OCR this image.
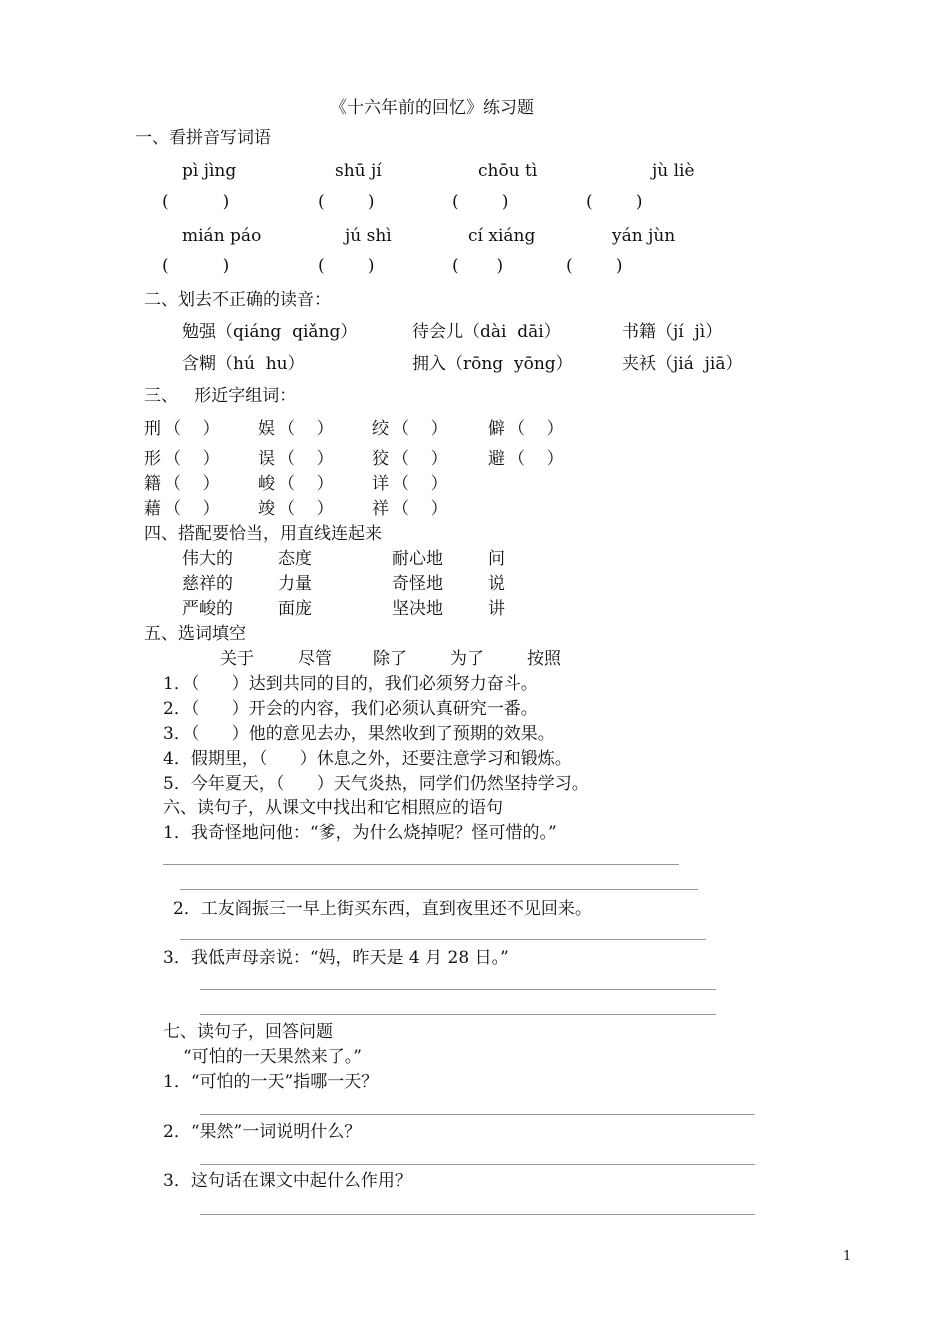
《十六年前的回忆》练习题
一、看拼音写词语
pì jìng	shū jí	chōu tì	jù liè
(          )	(        )	(        )	(        )
mián páo	jú shì	cí xiáng	yán jùn
(          )	(        )	(       )	(        )
二、划去不正确的读音：
勉强（qiáng  qiǎng）	待会儿（dài  dāi）	书籍（jí  jì）
含糊（hú  hu）	拥入（rōng  yōng）	夹袄（jiá  jiā）
三、   形近字组词：
刑 （    ） 娱 （    ） 绞 （    ） 僻 （    ）
形 （    ） 误 （    ） 狡 （    ） 避 （    ）
籍 （    ） 峻 （    ） 详 （    ）
藉 （    ） 竣 （    ） 祥 （    ）
四、搭配要恰当，用直线连起来
伟大的	态度	耐心地	问
慈祥的	力量	奇怪地	说
严峻的	面庞	坚决地	讲
五、选词填空
关于	尽管 除了	为了	按照
1．（      ）达到共同的目的，我们必须努力奋斗。
2．（      ）开会的内容，我们必须认真研究一番。
3．（      ）他的意见去办，果然收到了预期的效果。
4．假期里，（      ）休息之外，还要注意学习和锻炼。
5．今年夏天，（      ）天气炎热，同学们仍然坚持学习。
六、读句子，从课文中找出和它相照应的语句
1．我奇怪地问他：“爹，为什么烧掉呢？怪可惜的。”
2．工友阎振三一早上街买东西，直到夜里还不见回来。
3．我低声母亲说：“妈，昨天是 4 月 28 日。”
七、读句子，回答问题
“可怕的一天果然来了。”
1．“可怕的一天”指哪一天？
2．“果然”一词说明什么？
3．这句话在课文中起什么作用？
1
